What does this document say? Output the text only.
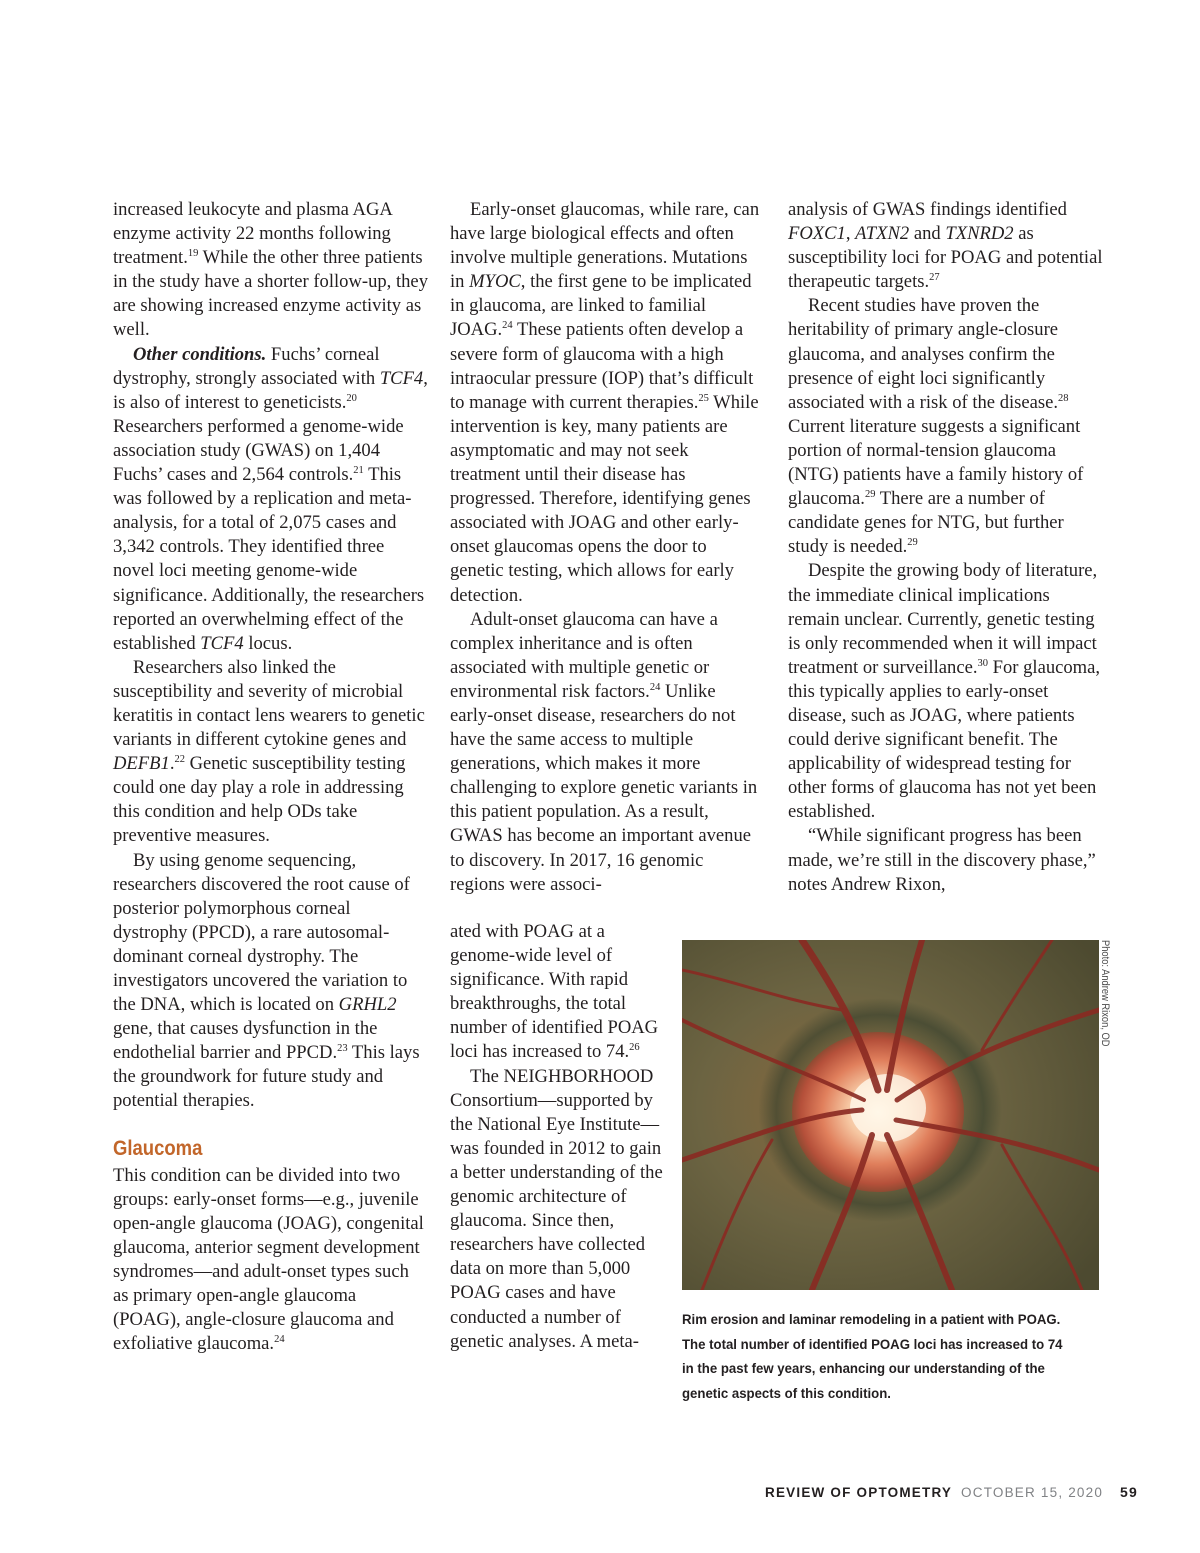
increased leukocyte and plasma AGA enzyme activity 22 months following treatment.$^{19}$ While the other three patients in the study have a shorter follow-up, they are showing increased enzyme activity as well.

Other conditions. Fuchs’ corneal dystrophy, strongly associated with TCF4, is also of interest to geneticists.$^{20}$ Researchers performed a genome-wide association study (GWAS) on 1,404 Fuchs’ cases and 2,564 controls.$^{21}$ This was followed by a replication and meta-analysis, for a total of 2,075 cases and 3,342 controls. They identified three novel loci meeting genome-wide significance. Additionally, the researchers reported an overwhelming effect of the established TCF4 locus.

Researchers also linked the susceptibility and severity of microbial keratitis in contact lens wearers to genetic variants in different cytokine genes and DEFB1.22 Genetic susceptibility testing could one day play a role in addressing this condition and help ODs take preventive measures.

By using genome sequencing, researchers discovered the root cause of posterior polymorphous corneal dystrophy (PPCD), a rare autosomal-dominant corneal dystrophy. The investigators uncovered the variation to the DNA, which is located on GRHL2 gene, that causes dysfunction in the endothelial barrier and PPCD.$^{23}$ This lays the groundwork for future study and potential therapies.

Glaucoma

This condition can be divided into two groups: early-onset forms—e.g., juvenile open-angle glaucoma (JOAG), congenital glaucoma, anterior segment development syndromes—and adult-onset types such as primary open-angle glaucoma (POAG), angle-closure glaucoma and exfoliative glaucoma.$^{24}$

Early-onset glaucomas, while rare, can have large biological effects and often involve multiple generations. Mutations in MYOC, the first gene to be implicated in glaucoma, are linked to familial JOAG.$^{24}$ These patients often develop a severe form of glaucoma with a high intraocular pressure (IOP) that’s difficult to manage with current therapies.$^{25}$ While intervention is key, many patients are asymptomatic and may not seek treatment until their disease has progressed. Therefore, identifying genes associated with JOAG and other early-onset glaucomas opens the door to genetic testing, which allows for early detection.

Adult-onset glaucoma can have a complex inheritance and is often associated with multiple genetic or environmental risk factors.$^{24}$ Unlike early-onset disease, researchers do not have the same access to multiple generations, which makes it more challenging to explore genetic variants in this patient population. As a result, GWAS has become an important avenue to discovery. In 2017, 16 genomic regions were associ-

ated with POAG at a genome-wide level of significance. With rapid breakthroughs, the total number of identified POAG loci has increased to 74.26

The NEIGHBORHOOD Consortium—supported by the National Eye Institute—was founded in 2012 to gain a better understanding of the genomic architecture of glaucoma. Since then, researchers have collected data on more than 5,000 POAG cases and have conducted a number of genetic analyses. A meta-

analysis of GWAS findings identified FOXC1, ATXN2 and TXNRD2 as susceptibility loci for POAG and potential therapeutic targets.$^{27}$

Recent studies have proven the heritability of primary angle-closure glaucoma, and analyses confirm the presence of eight loci significantly associated with a risk of the disease.$^{28}$ Current literature suggests a significant portion of normal-tension glaucoma (NTG) patients have a family history of glaucoma.$^{29}$ There are a number of candidate genes for NTG, but further study is needed.$^{29}$

Despite the growing body of literature, the immediate clinical implications remain unclear. Currently, genetic testing is only recommended when it will impact treatment or surveillance.$^{30}$ For glaucoma, this typically applies to early-onset disease, such as JOAG, where patients could derive significant benefit. The applicability of widespread testing for other forms of glaucoma has not yet been established.

“While significant progress has been made, we’re still in the discovery phase,” notes Andrew Rixon,

Photo: Andrew Rixon, OD
Rim erosion and laminar remodeling in a patient with POAG. The total number of identified POAG loci has increased to 74 in the past few years, enhancing our understanding of the genetic aspects of this condition.
REVIEW OF OPTOMETRY OCTOBER 15, 2020 59
